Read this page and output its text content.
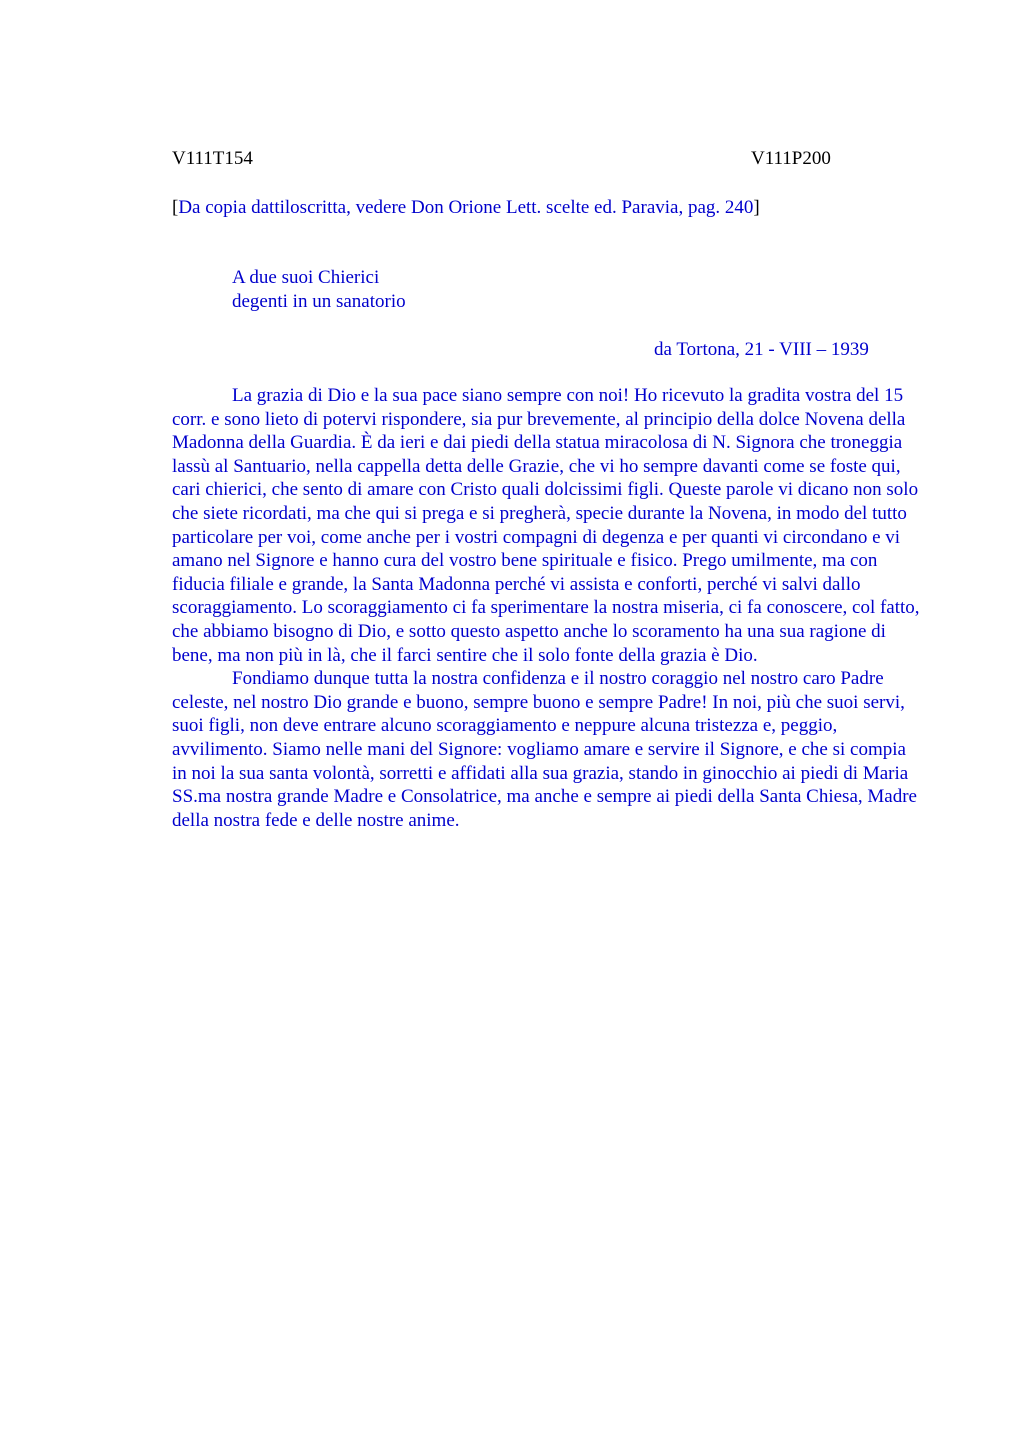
V111T154	V111P200
[Da copia dattiloscritta, vedere Don Orione Lett. scelte ed. Paravia, pag. 240]
A due suoi Chierici
degenti in un sanatorio
da Tortona, 21 - VIII – 1939

La grazia di Dio e la sua pace siano sempre con noi! Ho ricevuto la gradita vostra del 15 corr. e sono lieto di potervi rispondere, sia pur brevemente, al principio della dolce Novena della Madonna della Guardia. È da ieri e dai piedi della statua miracolosa di N. Signora che troneggia lassù al Santuario, nella cappella detta delle Grazie, che vi ho sempre davanti come se foste qui, cari chierici, che sento di amare con Cristo quali dolcissimi figli. Queste parole vi dicano non solo che siete ricordati, ma che qui si prega e si pregherà, specie durante la Novena, in modo del tutto particolare per voi, come anche per i vostri compagni di degenza e per quanti vi circondano e vi amano nel Signore e hanno cura del vostro bene spirituale e fisico. Prego umilmente, ma con fiducia filiale e grande, la Santa Madonna perché vi assista e conforti, perché vi salvi dallo scoraggiamento. Lo scoraggiamento ci fa sperimentare la nostra miseria, ci fa conoscere, col fatto, che abbiamo bisogno di Dio, e sotto questo aspetto anche lo scoramento ha una sua ragione di bene, ma non più in là, che il farci sentire che il solo fonte della grazia è Dio.

Fondiamo dunque tutta la nostra confidenza e il nostro coraggio nel nostro caro Padre celeste, nel nostro Dio grande e buono, sempre buono e sempre Padre! In noi, più che suoi servi, suoi figli, non deve entrare alcuno scoraggiamento e neppure alcuna tristezza e, peggio, avvilimento. Siamo nelle mani del Signore: vogliamo amare e servire il Signore, e che si compia in noi la sua santa volontà, sorretti e affidati alla sua grazia, stando in ginocchio ai piedi di Maria SS.ma nostra grande Madre e Consolatrice, ma anche e sempre ai piedi della Santa Chiesa, Madre della nostra fede e delle nostre anime.
